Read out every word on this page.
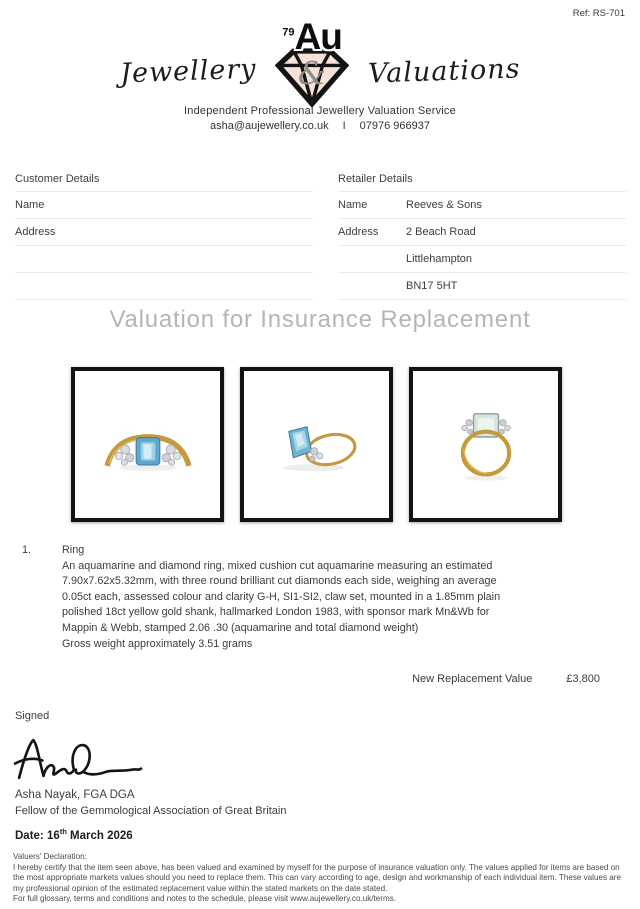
Ref: RS-701
Jewellery
$^{79}$Au
& Valuations
Independent Professional Jewellery Valuation Service
asha@aujewellery.co.uk I 07976 966937
Customer Details
Name
Address
Retailer Details
Name	Reeves & Sons
Address	2 Beach Road
Littlehampton
BN17 5HT
Valuation for Insurance Replacement
1.	Ring
An aquamarine and diamond ring, mixed cushion cut aquamarine measuring an estimated 7.90x7.62x5.32mm, with three round brilliant cut diamonds each side, weighing an average 0.05ct each, assessed colour and clarity G-H, SI1-SI2, claw set, mounted in a 1.85mm plain polished 18ct yellow gold shank, hallmarked London 1983, with sponsor mark Mn&Wb for Mappin & Webb, stamped 2.06 .30 (aquamarine and total diamond weight)
Gross weight approximately 3.51 grams
New Replacement Value	£3,800
Signed
Asha Nayak, FGA DGA
Fellow of the Gemmological Association of Great Britain
Date: 16th March 2026
Valuers' Declaration:
I hereby certify that the item seen above, has been valued and examined by myself for the purpose of insurance valuation only. The values applied for items are based on the most appropriate markets values should you need to replace them. This can vary according to age, design and workmanship of each individual item. These values are my professional opinion of the estimated replacement value within the stated markets on the date stated.
For full glossary, terms and conditions and notes to the schedule, please visit www.aujewellery.co.uk/terms.
